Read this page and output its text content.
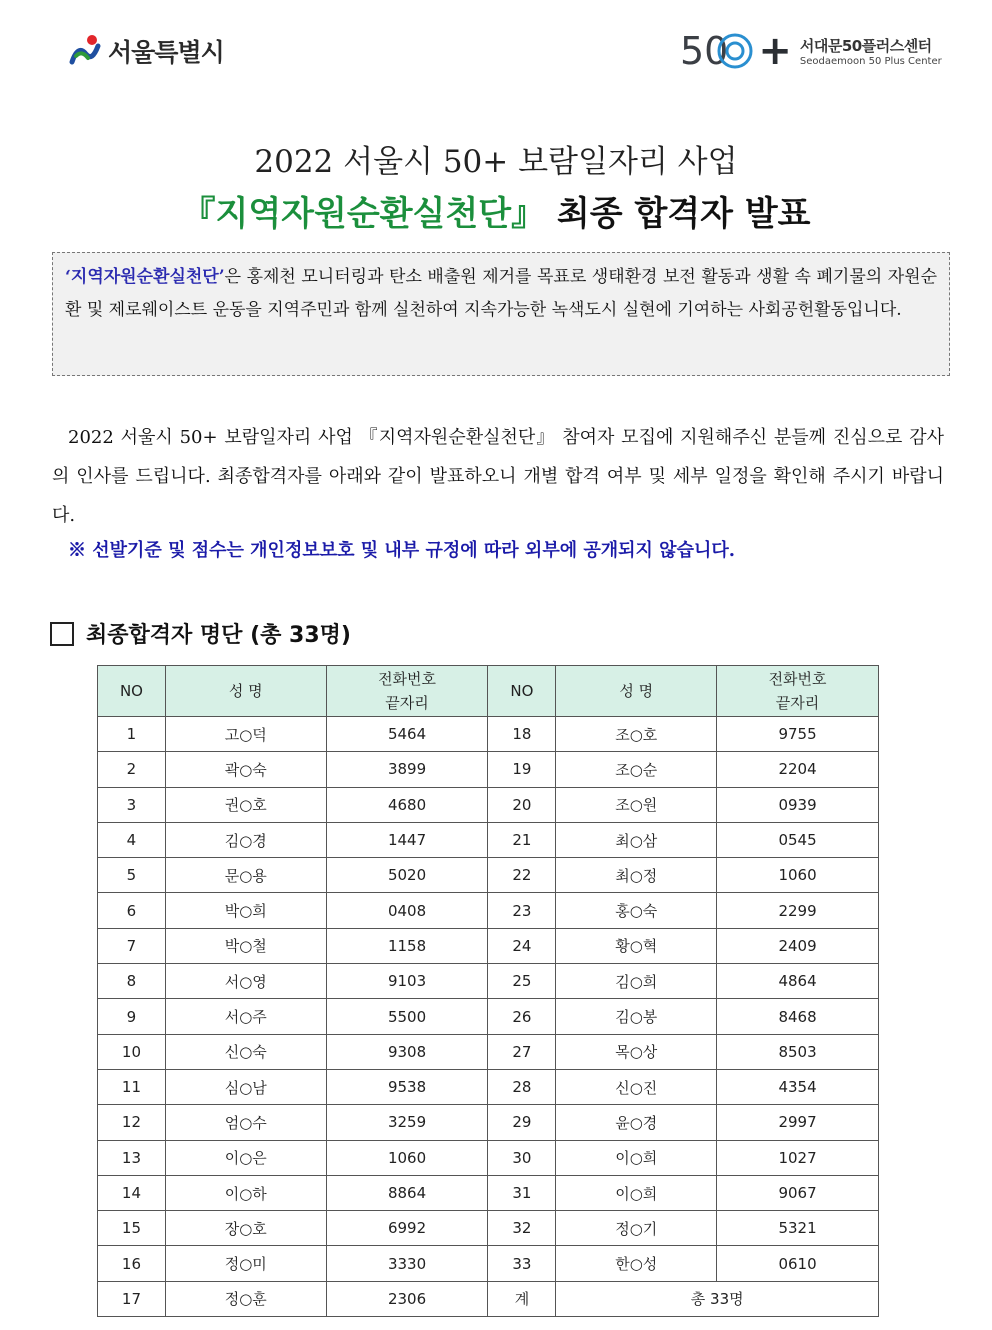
서울특별시	50 + 서대문50플러스센터
Seodaemoon 50 Plus Center
2022 서울시 50+ 보람일자리 사업
『지역자원순환실천단』 최종 합격자 발표
‘지역자원순환실천단’은 홍제천 모니터링과 탄소 배출원 제거를 목표로 생태환경 보전 활동과 생활 속 폐기물의 자원순환 및 제로웨이스트 운동을 지역주민과 함께 실천하여 지속가능한 녹색도시 실현에 기여하는 사회공헌활동입니다.
2022 서울시 50+ 보람일자리 사업 『지역자원순환실천단』 참여자 모집에 지원해주신 분들께 진심으로 감사의 인사를 드립니다. 최종합격자를 아래와 같이 발표하오니 개별 합격 여부 및 세부 일정을 확인해 주시기 바랍니다.
※ 선발기준 및 점수는 개인정보보호 및 내부 규정에 따라 외부에 공개되지 않습니다.
최종합격자 명단 (총 33명)
NO	성 명	전화번호 끝자리	NO	성 명	전화번호 끝자리
1	고○덕	5464	18	조○호	9755
2	곽○숙	3899	19	조○순	2204
3	권○호	4680	20	조○원	0939
4	김○경	1447	21	최○삼	0545
5	문○용	5020	22	최○정	1060
6	박○희	0408	23	홍○숙	2299
7	박○철	1158	24	황○혁	2409
8	서○영	9103	25	김○희	4864
9	서○주	5500	26	김○봉	8468
10	신○숙	9308	27	목○상	8503
11	심○남	9538	28	신○진	4354
12	엄○수	3259	29	윤○경	2997
13	이○은	1060	30	이○희	1027
14	이○하	8864	31	이○희	9067
15	장○호	6992	32	정○기	5321
16	정○미	3330	33	한○성	0610
17	정○훈	2306	계	총 33명	
